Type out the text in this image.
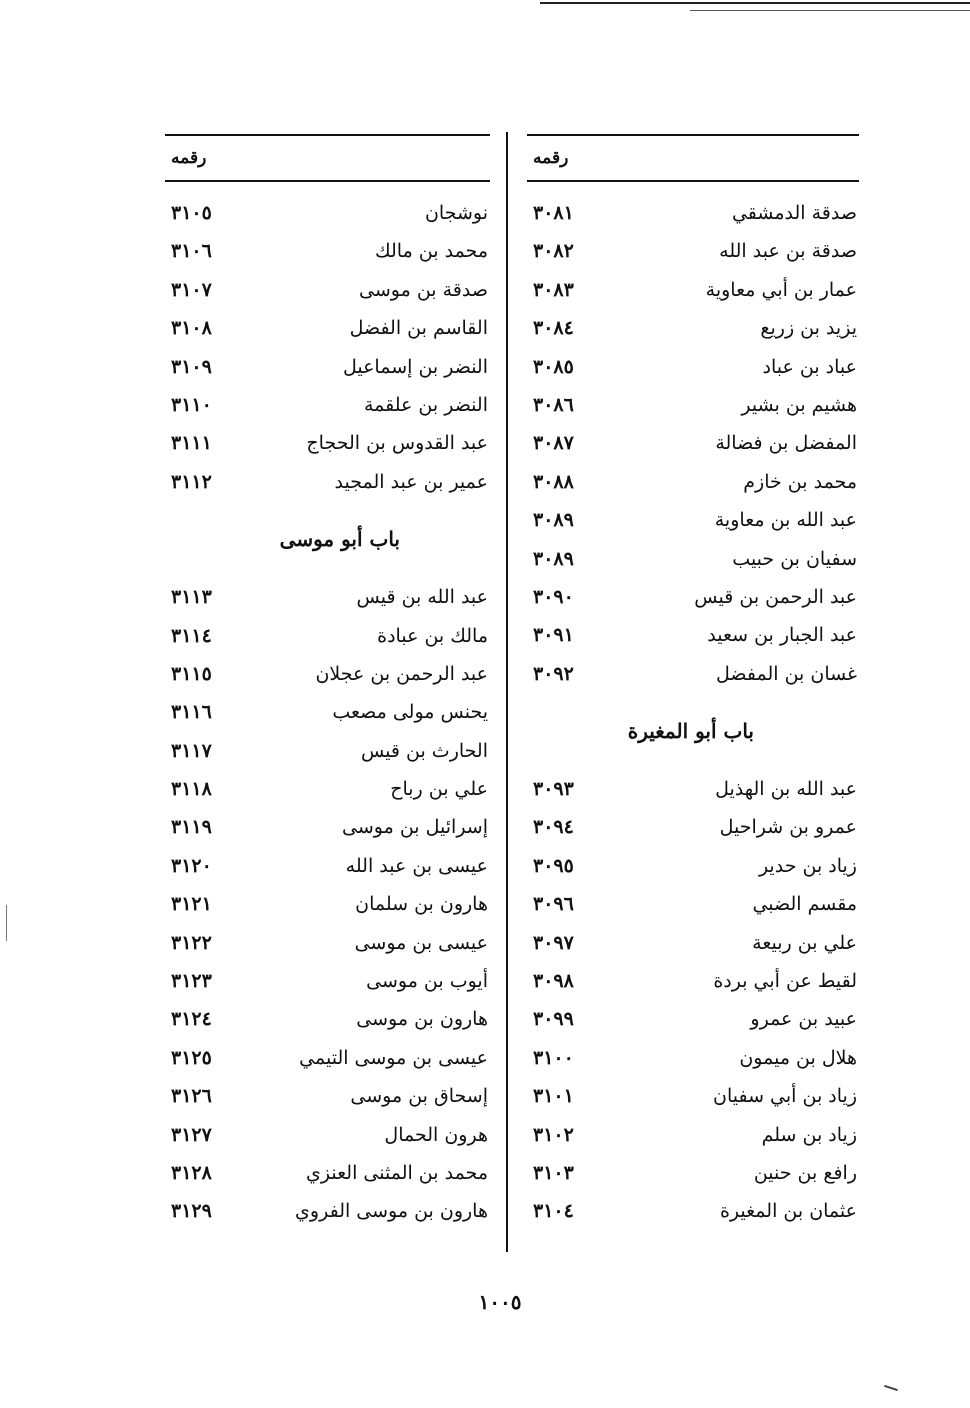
رقمه
صدقة الدمشقي
٣٠٨١
صدقة بن عبد الله
٣٠٨٢
عمار بن أبي معاوية
٣٠٨٣
يزيد بن زريع
٣٠٨٤
عباد بن عباد
٣٠٨٥
هشيم بن بشير
٣٠٨٦
المفضل بن فضالة
٣٠٨٧
محمد بن خازم
٣٠٨٨
عبد الله بن معاوية
٣٠٨٩
سفيان بن حبيب
٣٠٨٩
عبد الرحمن بن قيس
٣٠٩٠
عبد الجبار بن سعيد
٣٠٩١
غسان بن المفضل
٣٠٩٢
باب أبو المغيرة
عبد الله بن الهذيل
٣٠٩٣
عمرو بن شراحيل
٣٠٩٤
زياد بن حدير
٣٠٩٥
مقسم الضبي
٣٠٩٦
علي بن ربيعة
٣٠٩٧
لقيط عن أبي بردة
٣٠٩٨
عبيد بن عمرو
٣٠٩٩
هلال بن ميمون
٣١٠٠
زياد بن أبي سفيان
٣١٠١
زياد بن سلم
٣١٠٢
رافع بن حنين
٣١٠٣
عثمان بن المغيرة
٣١٠٤
رقمه
نوشجان
٣١٠٥
محمد بن مالك
٣١٠٦
صدقة بن موسى
٣١٠٧
القاسم بن الفضل
٣١٠٨
النضر بن إسماعيل
٣١٠٩
النضر بن علقمة
٣١١٠
عبد القدوس بن الحجاج
٣١١١
عمير بن عبد المجيد
٣١١٢
باب أبو موسى
عبد الله بن قيس
٣١١٣
مالك بن عبادة
٣١١٤
عبد الرحمن بن عجلان
٣١١٥
يحنس مولى مصعب
٣١١٦
الحارث بن قيس
٣١١٧
علي بن رباح
٣١١٨
إسرائيل بن موسى
٣١١٩
عيسى بن عبد الله
٣١٢٠
هارون بن سلمان
٣١٢١
عيسى بن موسى
٣١٢٢
أيوب بن موسى
٣١٢٣
هارون بن موسى
٣١٢٤
عيسى بن موسى التيمي
٣١٢٥
إسحاق بن موسى
٣١٢٦
هرون الحمال
٣١٢٧
محمد بن المثنى العنزي
٣١٢٨
هارون بن موسى الفروي
٣١٢٩
١٠٠٥
